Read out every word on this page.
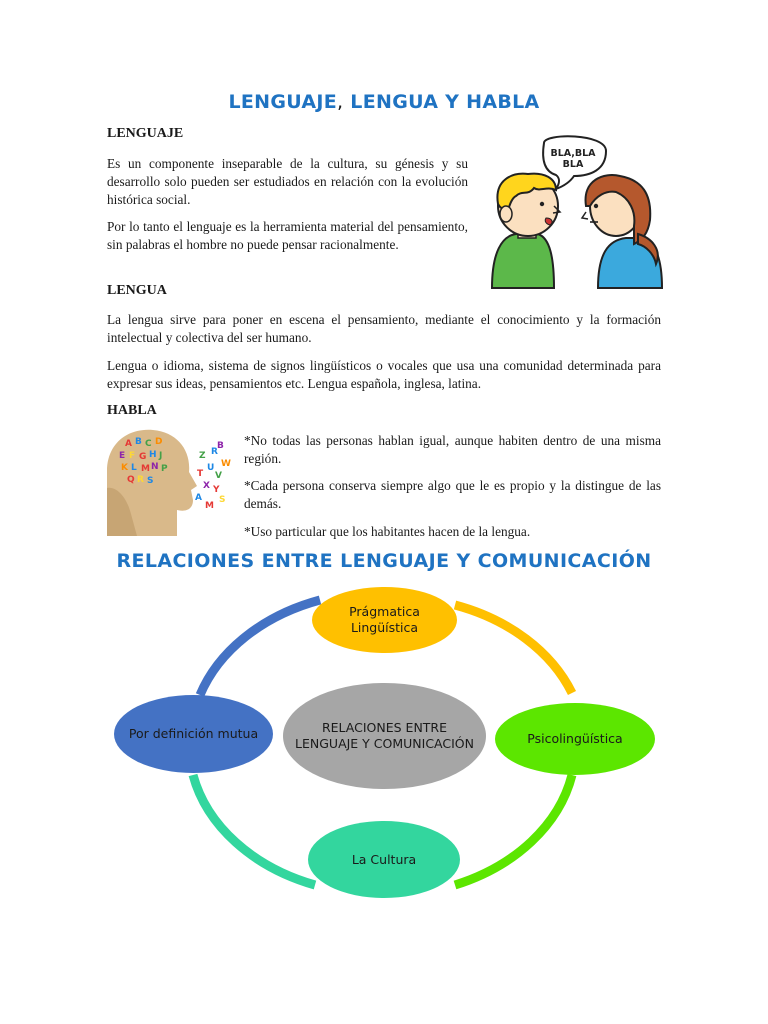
LENGUAJE, LENGUA Y HABLA
LENGUAJE

Es un componente inseparable de la cultura, su génesis y su desarrollo solo pueden ser estudiados en relación con la evolución histórica social.

Por lo tanto el lenguaje es la herramienta material del pensamiento, sin palabras el hombre no puede pensar racionalmente.

BLA,BLA
BLA
LENGUA

La lengua sirve para poner en escena el pensamiento, mediante el conocimiento y la formación intelectual y colectiva del ser humano.

Lengua o idioma, sistema de signos lingüísticos o vocales que usa una comunidad determinada para expresar sus ideas, pensamientos etc. Lengua española, inglesa, latina.

HABLA
A B C D
E F G H J
K L M N P
Q R S
T
U
V
W
X Y
Z R
S
A
M
B *No todas las personas hablan igual, aunque habiten dentro de una misma región.

*Cada persona conserva siempre algo que le es propio y la distingue de las demás.

*Uso particular que los habitantes hacen de la lengua.

RELACIONES ENTRE LENGUAJE Y COMUNICACIÓN
RELACIONES ENTRE LENGUAJE Y COMUNICACIÓN
Prágmatica Lingüística
Psicolingüística
La Cultura
Por definición mutua
